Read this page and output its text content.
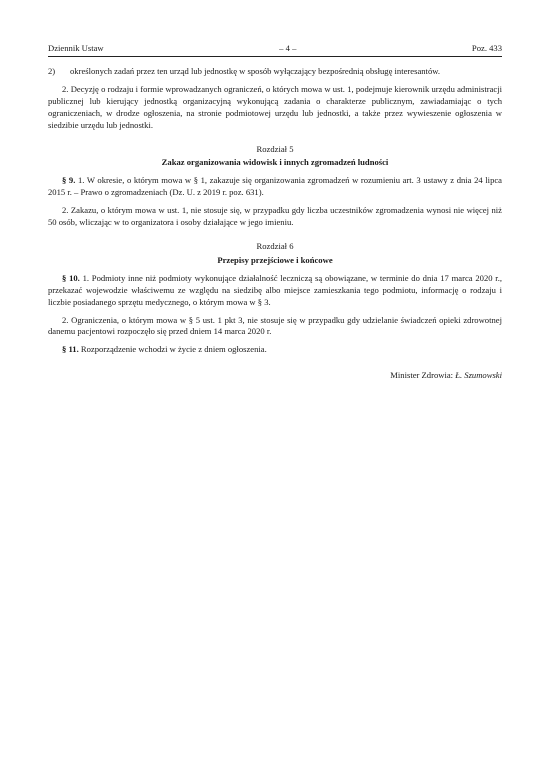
Dziennik Ustaw	– 4 –	Poz. 433

2)	określonych zadań przez ten urząd lub jednostkę w sposób wyłączający bezpośrednią obsługę interesantów.

2. Decyzję o rodzaju i formie wprowadzanych ograniczeń, o których mowa w ust. 1, podejmuje kierownik urzędu administracji publicznej lub kierujący jednostką organizacyjną wykonującą zadania o charakterze publicznym, zawiadamiając o tych ograniczeniach, w drodze ogłoszenia, na stronie podmiotowej urzędu lub jednostki, a także przez wywieszenie ogłoszenia w siedzibie urzędu lub jednostki.

Rozdział 5

Zakaz organizowania widowisk i innych zgromadzeń ludności

§ 9. 1. W okresie, o którym mowa w § 1, zakazuje się organizowania zgromadzeń w rozumieniu art. 3 ustawy z dnia 24 lipca 2015 r. – Prawo o zgromadzeniach (Dz. U. z 2019 r. poz. 631).

2. Zakazu, o którym mowa w ust. 1, nie stosuje się, w przypadku gdy liczba uczestników zgromadzenia wynosi nie więcej niż 50 osób, wliczając w to organizatora i osoby działające w jego imieniu.

Rozdział 6

Przepisy przejściowe i końcowe

§ 10. 1. Podmioty inne niż podmioty wykonujące działalność leczniczą są obowiązane, w terminie do dnia 17 marca 2020 r., przekazać wojewodzie właściwemu ze względu na siedzibę albo miejsce zamieszkania tego podmiotu, informację o rodzaju i liczbie posiadanego sprzętu medycznego, o którym mowa w § 3.

2. Ograniczenia, o którym mowa w § 5 ust. 1 pkt 3, nie stosuje się w przypadku gdy udzielanie świadczeń opieki zdrowotnej danemu pacjentowi rozpoczęło się przed dniem 14 marca 2020 r.

§ 11. Rozporządzenie wchodzi w życie z dniem ogłoszenia.

Minister Zdrowia: Ł. Szumowski
